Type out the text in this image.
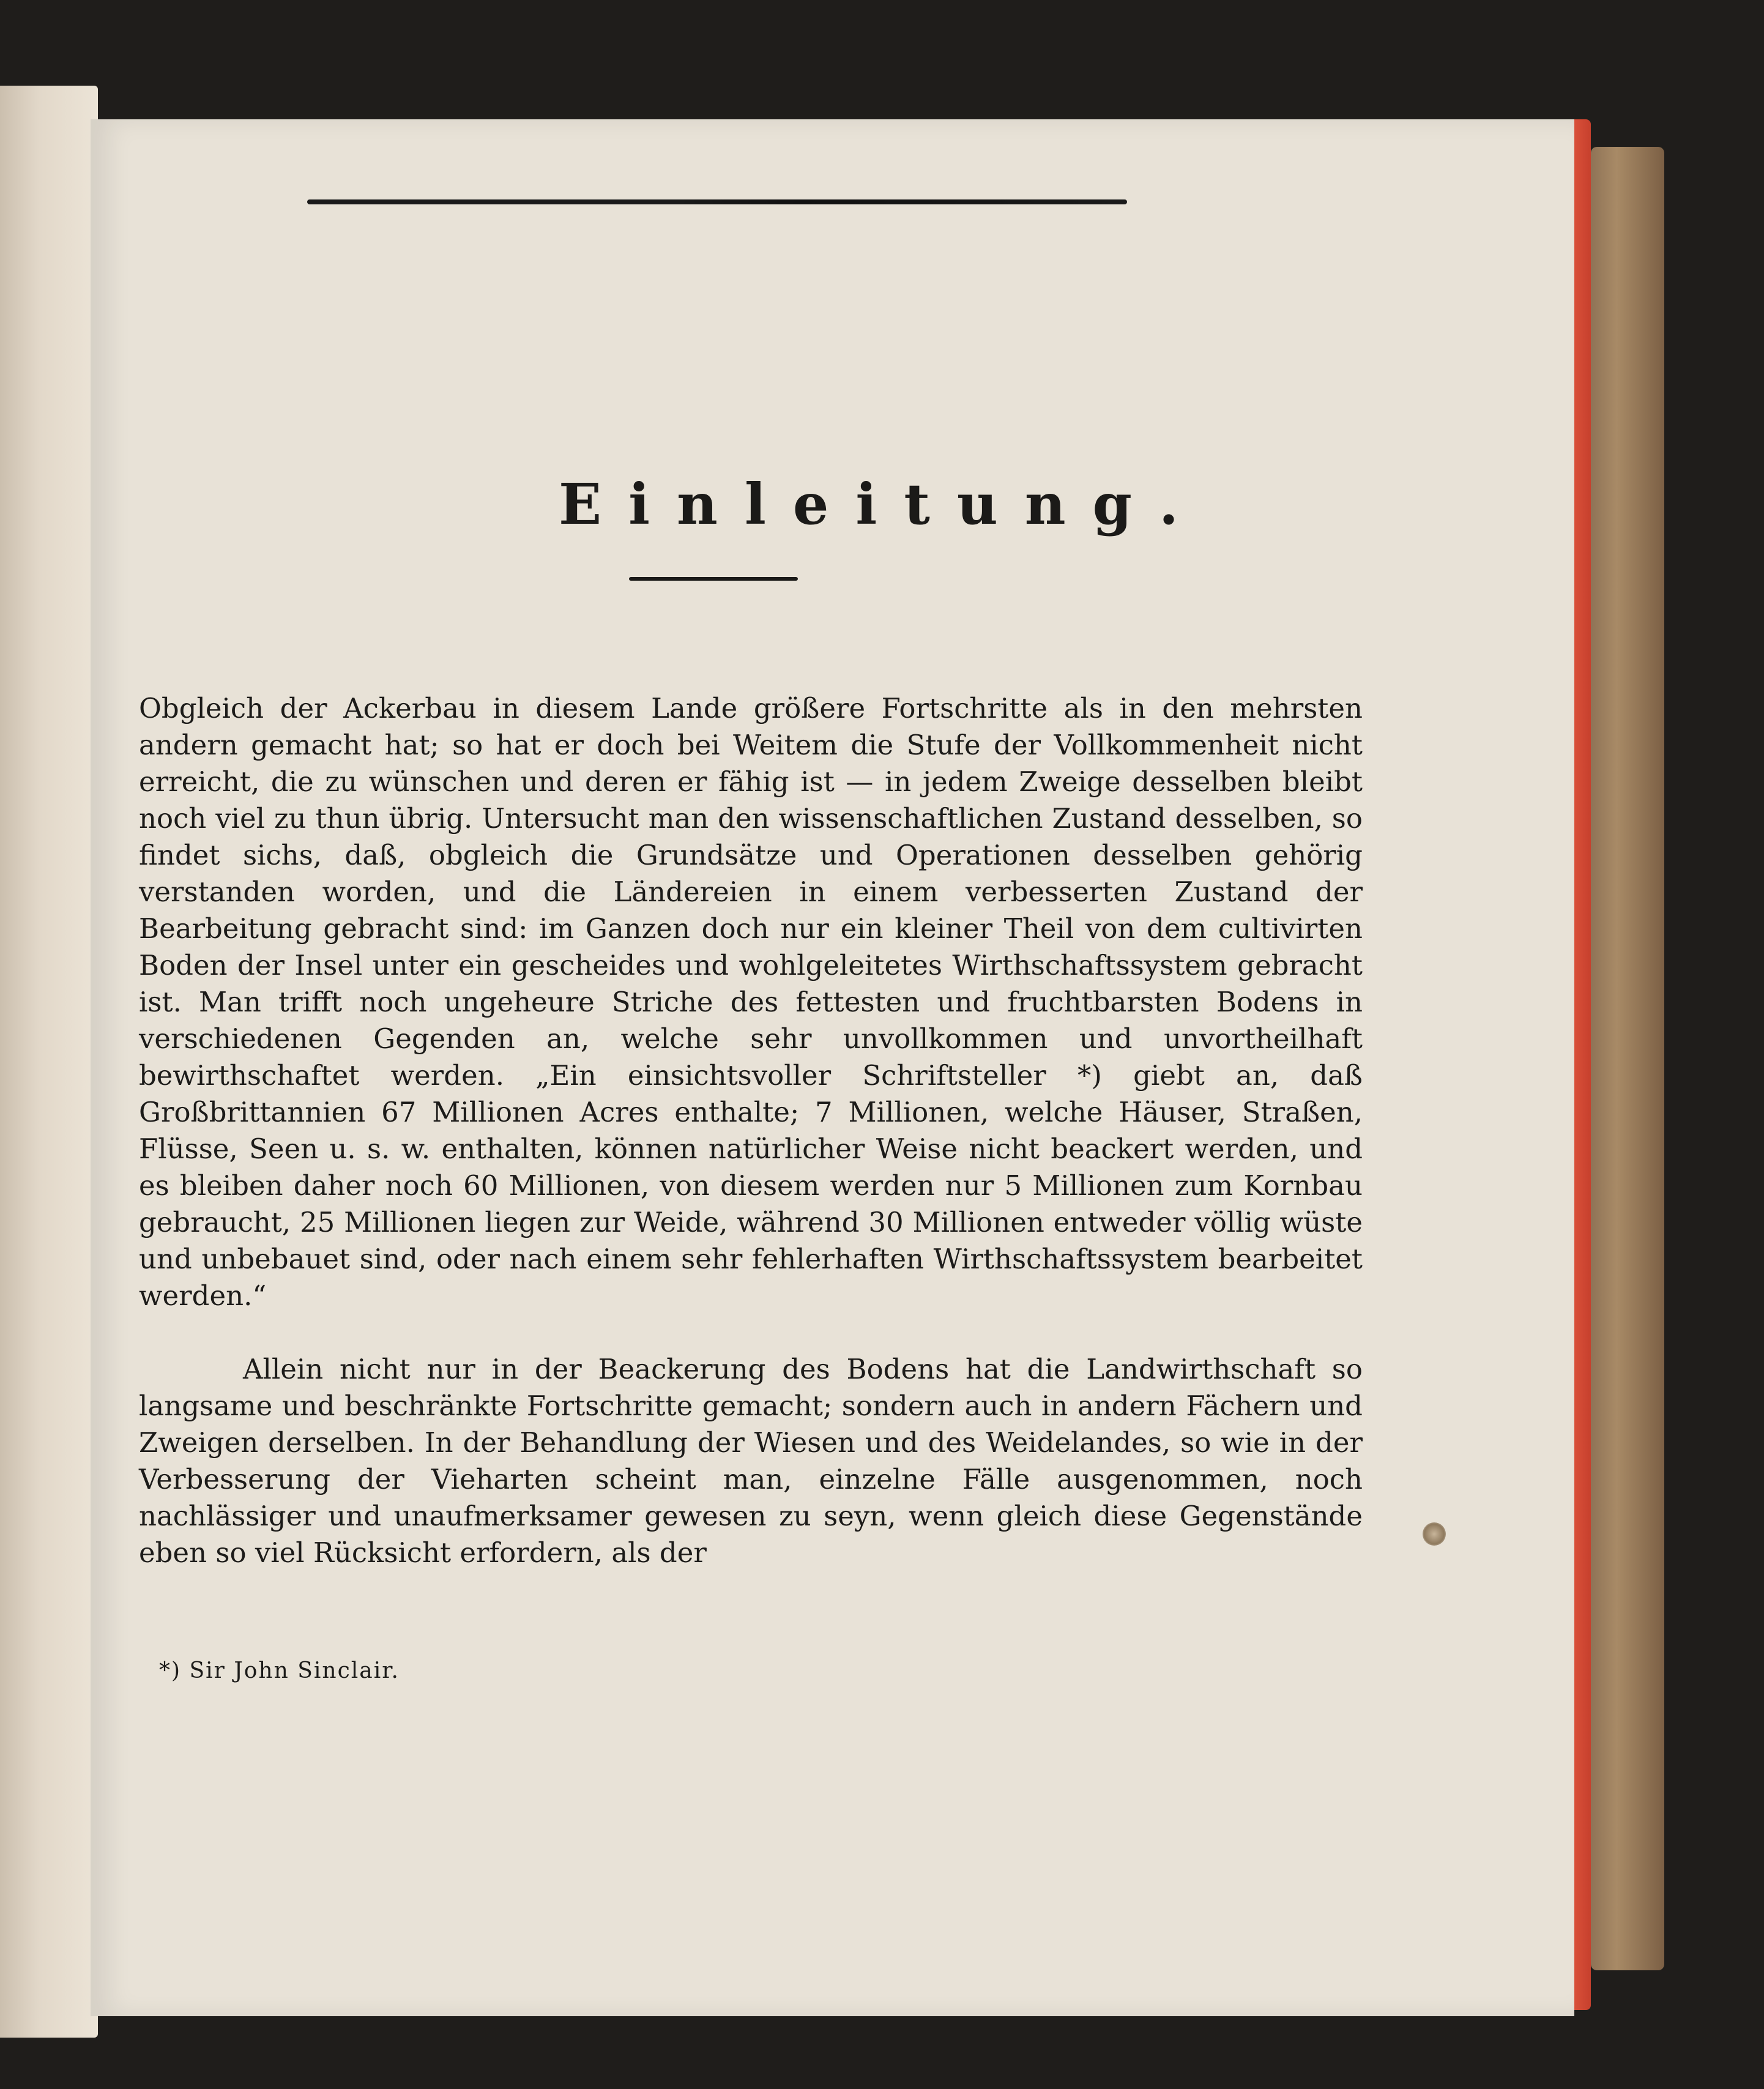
Einleitung.

Obgleich der Ackerbau in diesem Lande größere Fortschritte als in den mehrsten andern gemacht hat; so hat er doch bei Weitem die Stufe der Vollkommenheit nicht erreicht, die zu wünschen und deren er fähig ist — in jedem Zweige desselben bleibt noch viel zu thun übrig. Untersucht man den wissenschaftlichen Zustand desselben, so findet sichs, daß, obgleich die Grundsätze und Operationen desselben gehörig verstanden worden, und die Ländereien in einem verbesserten Zustand der Bearbeitung gebracht sind: im Ganzen doch nur ein kleiner Theil von dem cultivirten Boden der Insel unter ein gescheides und wohlgeleitetes Wirthschaftssystem gebracht ist. Man trifft noch ungeheure Striche des fettesten und fruchtbarsten Bodens in verschiedenen Gegenden an, welche sehr unvollkommen und unvortheilhaft bewirthschaftet werden. „Ein einsichtsvoller Schriftsteller *) giebt an, daß Großbrittannien 67 Millionen Acres enthalte; 7 Millionen, welche Häuser, Straßen, Flüsse, Seen u. s. w. enthalten, können natürlicher Weise nicht beackert werden, und es bleiben daher noch 60 Millionen, von diesem werden nur 5 Millionen zum Kornbau gebraucht, 25 Millionen liegen zur Weide, während 30 Millionen entweder völlig wüste und unbebauet sind, oder nach einem sehr fehlerhaften Wirthschaftssystem bearbeitet werden.“

Allein nicht nur in der Beackerung des Bodens hat die Landwirthschaft so langsame und beschränkte Fortschritte gemacht; sondern auch in andern Fächern und Zweigen derselben. In der Behandlung der Wiesen und des Weidelandes, so wie in der Verbesserung der Vieharten scheint man, einzelne Fälle ausgenommen, noch nachlässiger und unaufmerksamer gewesen zu seyn, wenn gleich diese Gegenstände eben so viel Rücksicht erfordern, als der

*) Sir John Sinclair.
